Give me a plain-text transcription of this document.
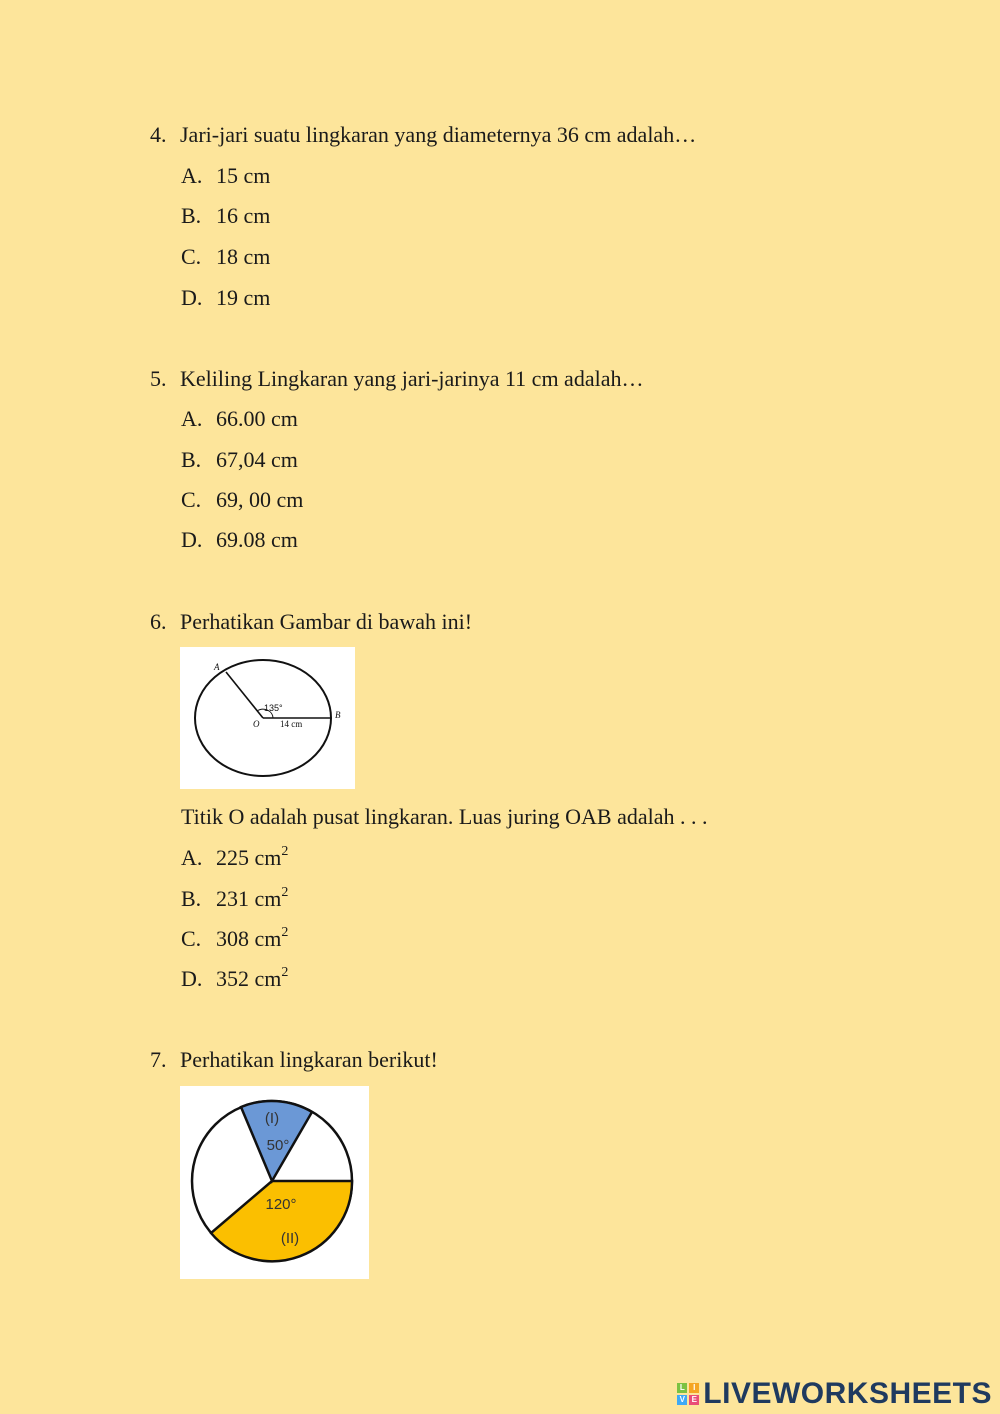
4. Jari-jari suatu lingkaran yang diameternya 36 cm adalah…
A. 15 cm
B. 16 cm
C. 18 cm
D. 19 cm
5. Keliling Lingkaran yang jari-jarinya 11 cm adalah…
A. 66.00 cm
B. 67,04 cm
C. 69, 00 cm
D. 69.08 cm
6. Perhatikan Gambar di bawah ini!
A
O
B
135°
14 cm
Titik O adalah pusat lingkaran. Luas juring OAB adalah . . .
A. 225 $cm^2$
B. 231 $cm^2$
C. 308 $cm^2$
D. 352 $cm^2$
7. Perhatikan lingkaran berikut!
(I)
50°
120°
(II)
L	I
V E LIVEWORKSHEETS
